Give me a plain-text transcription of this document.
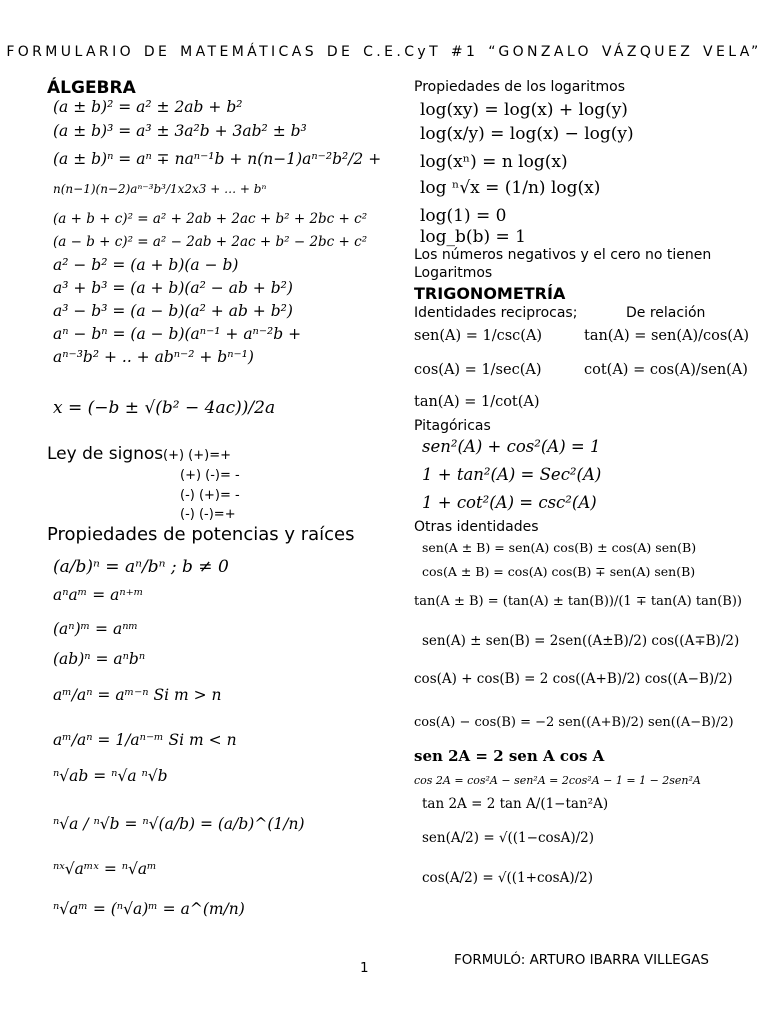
FORMULARIO DE MATEMÁTICAS DE C.E.CyT #1 “GONZALO VÁZQUEZ VELA”
ÁLGEBRA
(a ± b)² = a² ± 2ab + b²
(a ± b)³ = a³ ± 3a²b + 3ab² ± b³
(a ± b)ⁿ = aⁿ ∓ naⁿ⁻¹b + n(n−1)aⁿ⁻²b²/2 +
n(n−1)(n−2)aⁿ⁻³b³/1x2x3 + … + bⁿ
(a + b + c)² = a² + 2ab + 2ac + b² + 2bc + c²
(a − b + c)² = a² − 2ab + 2ac + b² − 2bc + c²
a² − b² = (a + b)(a − b)
a³ + b³ = (a + b)(a² − ab + b²)
a³ − b³ = (a − b)(a² + ab + b²)
aⁿ − bⁿ = (a − b)(aⁿ⁻¹ + aⁿ⁻²b +
aⁿ⁻³b² + .. + abⁿ⁻² + bⁿ⁻¹)
x = (−b ± √(b² − 4ac))/2a
Ley de signos (+) (+)=+
(+) (-)= -
(-) (+)= -
(-) (-)=+
Propiedades de potencias y raíces
(a/b)ⁿ = aⁿ/bⁿ ; b ≠ 0
aⁿaᵐ = aⁿ⁺ᵐ
(aⁿ)ᵐ = aⁿᵐ
(ab)ⁿ = aⁿbⁿ
aᵐ/aⁿ = aᵐ⁻ⁿ Si m > n
aᵐ/aⁿ = 1/aⁿ⁻ᵐ Si m < n
ⁿ√ab = ⁿ√a ⁿ√b
ⁿ√a / ⁿ√b = ⁿ√(a/b) = (a/b)^(1/n)
ⁿˣ√aᵐˣ = ⁿ√aᵐ
ⁿ√aᵐ = (ⁿ√a)ᵐ = a^(m/n)
Propiedades de los logaritmos
log(xy) = log(x) + log(y)
log(x/y) = log(x) − log(y)
log(xⁿ) = n log(x)
log ⁿ√x = (1/n) log(x)
log(1) = 0
log_b(b) = 1
Los números negativos y el cero no tienen
Logaritmos
TRIGONOMETRÍA
Identidades reciprocas;	De relación
sen(A) = 1/csc(A)
cos(A) = 1/sec(A)
tan(A) = 1/cot(A)
tan(A) = sen(A)/cos(A)
cot(A) = cos(A)/sen(A)
Pitagóricas
sen²(A) + cos²(A) = 1
1 + tan²(A) = Sec²(A)
1 + cot²(A) = csc²(A)
Otras identidades
sen(A ± B) = sen(A) cos(B) ± cos(A) sen(B)
cos(A ± B) = cos(A) cos(B) ∓ sen(A) sen(B)
tan(A ± B) = (tan(A) ± tan(B))/(1 ∓ tan(A) tan(B))
sen(A) ± sen(B) = 2sen((A±B)/2) cos((A∓B)/2)
cos(A) + cos(B) = 2 cos((A+B)/2) cos((A−B)/2)
cos(A) − cos(B) = −2 sen((A+B)/2) sen((A−B)/2)
sen 2A = 2 sen A cos A
cos 2A = cos²A − sen²A = 2cos²A − 1 = 1 − 2sen²A
tan 2A = 2 tan A/(1−tan²A)
sen(A/2) = √((1−cosA)/2)
cos(A/2) = √((1+cosA)/2)
1	FORMULÓ: ARTURO IBARRA VILLEGAS
